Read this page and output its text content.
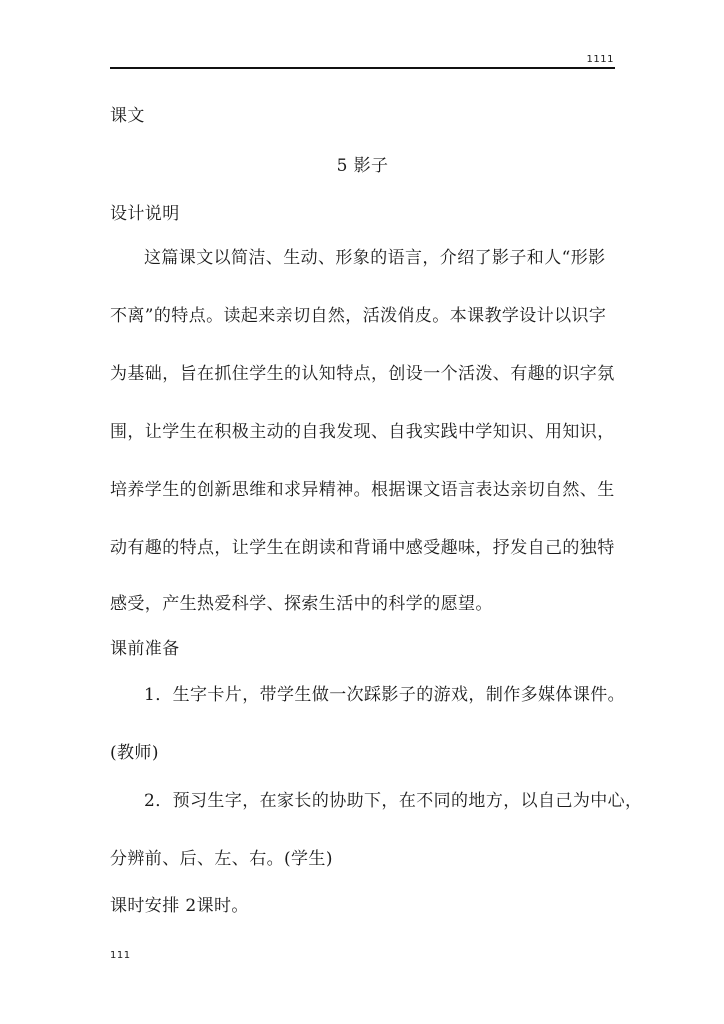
1111
课文
5 影子
设计说明
这篇课文以简洁、生动、形象的语言，介绍了影子和人“形影
不离”的特点。读起来亲切自然，活泼俏皮。本课教学设计以识字
为基础，旨在抓住学生的认知特点，创设一个活泼、有趣的识字氛
围，让学生在积极主动的自我发现、自我实践中学知识、用知识，
培养学生的创新思维和求异精神。根据课文语言表达亲切自然、生
动有趣的特点，让学生在朗读和背诵中感受趣味，抒发自己的独特
感受，产生热爱科学、探索生活中的科学的愿望。
课前准备
1．生字卡片，带学生做一次踩影子的游戏，制作多媒体课件。
(教师)
2．预习生字，在家长的协助下，在不同的地方，以自己为中心，
分辨前、后、左、右。(学生)
课时安排 2课时。
111
